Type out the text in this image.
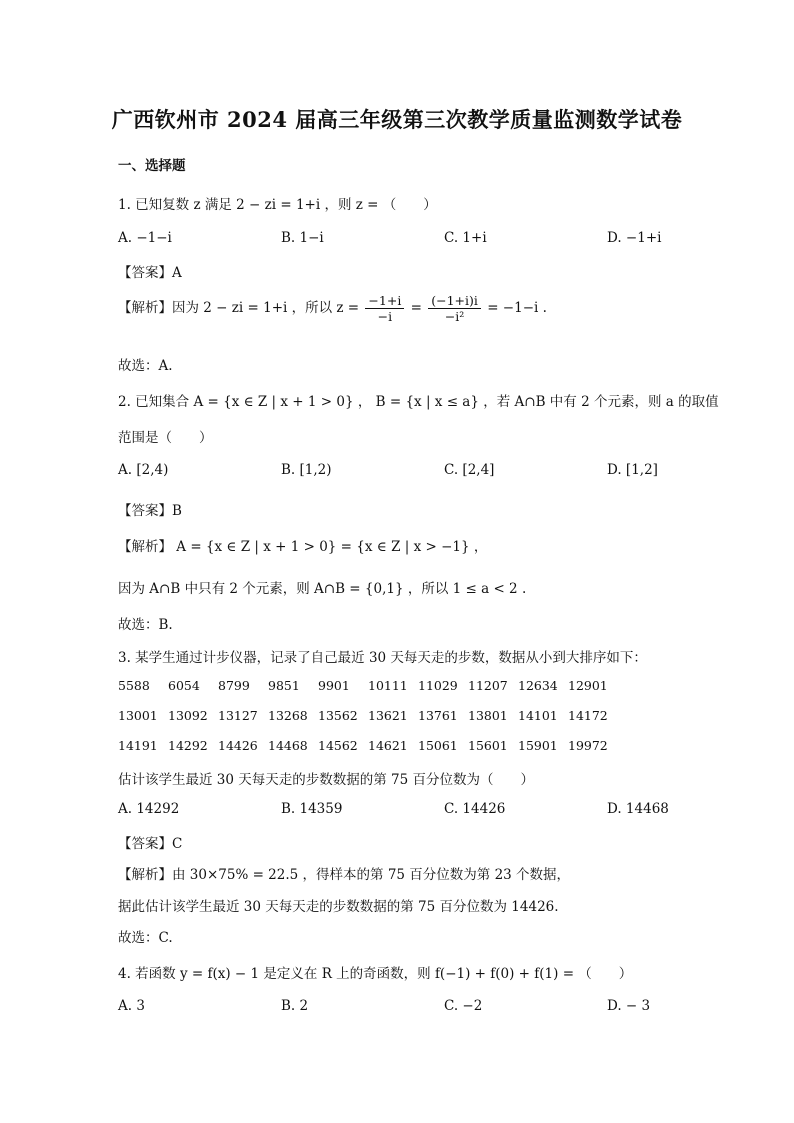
广西钦州市 2024 届高三年级第三次教学质量监测数学试卷
一、选择题
1. 已知复数 z 满足 2 − zi = 1+i ，则 z = （　　）
A. −1−i	B. 1−i	C. 1+i	D. −1+i
【答案】A
【解析】因为 2 − zi = 1+i ，所以 $z = \frac{-1+i}{-i} = \frac{(-1+i)i}{\text{−i²}} = -1-i$ .
故选：A.
2. 已知集合 A = {x ∈ Z | x + 1 > 0} ， B = {x | x ≤ a} ，若 A∩B 中有 2 个元素，则 a 的取值
范围是（　　）
A. [2,4)	B. [1,2)	C. [2,4]	D. [1,2]
【答案】B
【解析】 A = {x ∈ Z | x + 1 > 0} = {x ∈ Z | x > −1} ，
因为 A∩B 中只有 2 个元素，则 A∩B = {0,1} ，所以 1 ≤ a < 2 .
故选：B.
3. 某学生通过计步仪器，记录了自己最近 30 天每天走的步数，数据从小到大排序如下：
5588	6054	8799	9851	9901	10111 11029 11207 12634 12901
13001 13092 13127 13268 13562 13621 13761 13801 14101 14172
14191 14292 14426 14468 14562 14621 15061 15601 15901 19972
估计该学生最近 30 天每天走的步数数据的第 75 百分位数为（　　）
A. 14292	B. 14359	C. 14426	D. 14468
【答案】C
【解析】由 30×75% = 22.5 ，得样本的第 75 百分位数为第 23 个数据，
据此估计该学生最近 30 天每天走的步数数据的第 75 百分位数为 14426.
故选：C.
4. 若函数 y = f(x) − 1 是定义在 R 上的奇函数，则 f(−1) + f(0) + f(1) = （　　）
A. 3	B. 2	C. −2	D. − 3
